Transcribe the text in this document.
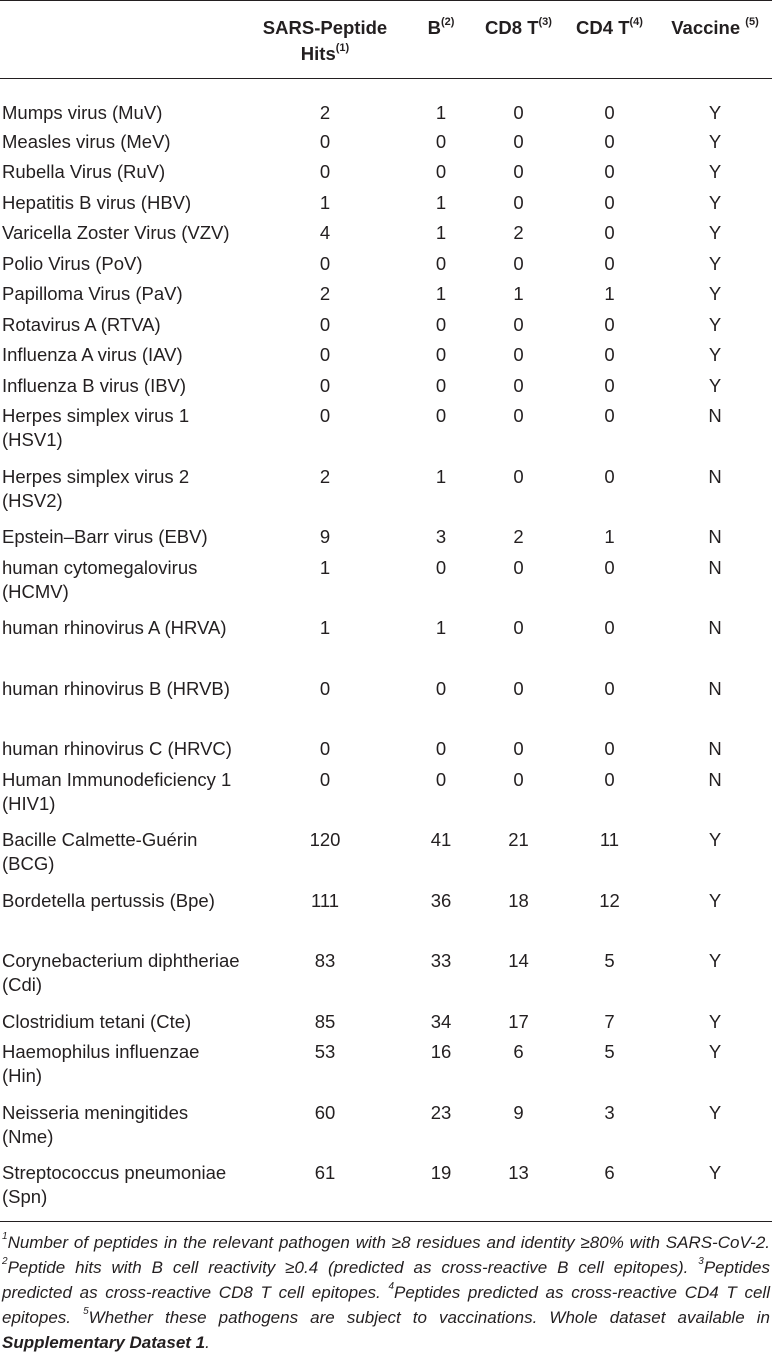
	SARS-Peptide Hits$^{(1)}$	$B^{(2)}$	CD8 $T^{(3)}$	CD4 $T^{(4)}$	Vaccine $^{(5)}$
Mumps virus (MuV)	2	1	0	0	Y
Measles virus (MeV)	0	0	0	0	Y
Rubella Virus (RuV)	0	0	0	0	Y
Hepatitis B virus (HBV)	1	1	0	0	Y
Varicella Zoster Virus (VZV)	4	1	2	0	Y
Polio Virus (PoV)	0	0	0	0	Y
Papilloma Virus (PaV)	2	1	1	1	Y
Rotavirus A (RTVA)	0	0	0	0	Y
Influenza A virus (IAV)	0	0	0	0	Y
Influenza B virus (IBV)	0	0	0	0	Y
Herpes simplex virus 1 (HSV1)	0	0	0	0	N
Herpes simplex virus 2 (HSV2)	2	1	0	0	N
Epstein–Barr virus (EBV)	9	3	2	1	N
human cytomegalovirus (HCMV)	1	0	0	0	N
human rhinovirus A (HRVA)	1	1	0	0	N
human rhinovirus B (HRVB)	0	0	0	0	N
human rhinovirus C (HRVC)	0	0	0	0	N
Human Immunodeficiency 1 (HIV1)	0	0	0	0	N
Bacille Calmette-Guérin (BCG)	120	41	21	11	Y
Bordetella pertussis (Bpe)	111	36	18	12	Y
Corynebacterium diphtheriae (Cdi)	83	33	14	5	Y
Clostridium tetani (Cte)	85	34	17	7	Y
Haemophilus influenzae (Hin)	53	16	6	5	Y
Neisseria meningitides (Nme)	60	23	9	3	Y
Streptococcus pneumoniae (Spn)	61	19	13	6	Y
$^1$Number of peptides in the relevant pathogen with ≥8 residues and identity ≥80% with SARS-CoV-2. $^2$Peptide hits with B cell reactivity ≥0.4 (predicted as cross-reactive B cell epitopes). $^3$Peptides predicted as cross-reactive CD8 T cell epitopes. $^4$Peptides predicted as cross-reactive CD4 T cell epitopes. $^5$Whether these pathogens are subject to vaccinations. Whole dataset available in Supplementary Dataset 1.
